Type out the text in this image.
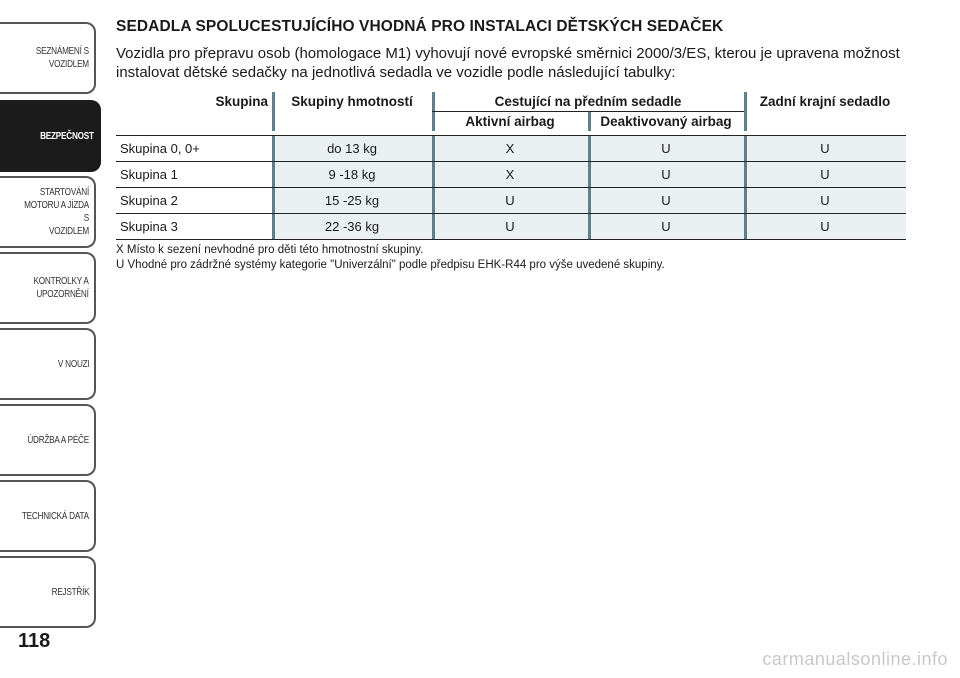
SEZNÁMENÍ S
VOZIDLEM
BEZPEČNOST
STARTOVÁNÍ
MOTORU A JÍZDA S
VOZIDLEM
KONTROLKY A
UPOZORNĚNÍ
V NOUZI
ÚDRŽBA A PÉČE
TECHNICKÁ DATA
REJSTŘÍK
118
SEDADLA SPOLUCESTUJÍCÍHO VHODNÁ PRO INSTALACI DĚTSKÝCH SEDAČEK

Vozidla pro přepravu osob (homologace M1) vyhovují nové evropské směrnici 2000/3/ES, kterou je upravena možnost instalovat dětské sedačky na jednotlivá sedadla ve vozidle podle následující tabulky:

Skupina	Skupiny hmotností	Cestující na předním sedadle		Zadní krajní sedadlo
		Aktivní airbag	Deaktivovaný airbag	

Skupina 0, 0+	do 13 kg	X	U	U
Skupina 1	9 -18 kg	X	U	U
Skupina 2	15 -25 kg	U	U	U
Skupina 3	22 -36 kg	U	U	U
X Místo k sezení nevhodné pro děti této hmotnostní skupiny.
U Vhodné pro zádržné systémy kategorie "Univerzální" podle předpisu EHK-R44 pro výše uvedené skupiny.
carmanualsonline.info
